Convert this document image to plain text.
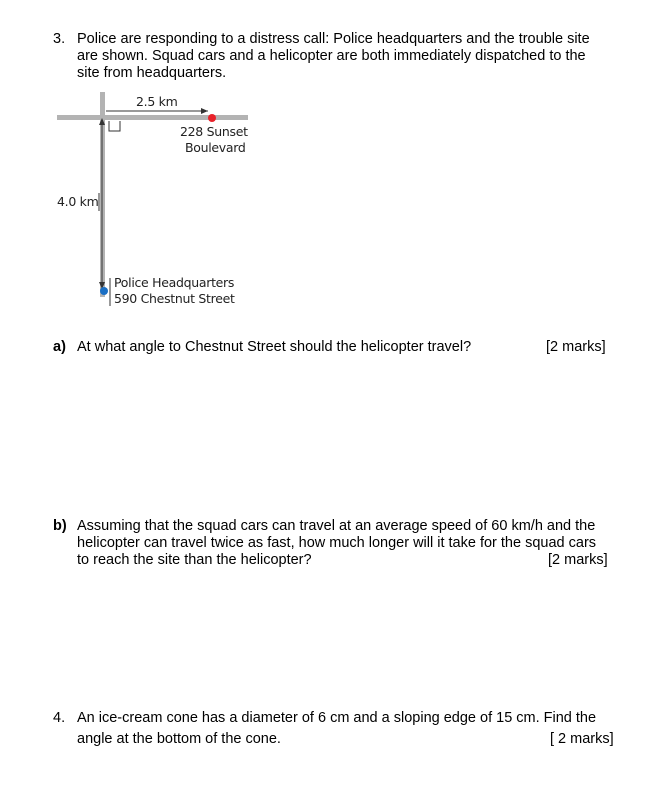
3. Police are responding to a distress call: Police headquarters and the trouble site
are shown. Squad cars and a helicopter are both immediately dispatched to the
site from headquarters.
2.5 km
4.0 km
228 Sunset
Boulevard
Police Headquarters
590 Chestnut Street
a) At what angle to Chestnut Street should the helicopter travel?	[2 marks]
b) Assuming that the squad cars can travel at an average speed of 60 km/h and the
helicopter can travel twice as fast, how much longer will it take for the squad cars
to reach the site than the helicopter?	[2 marks]
4. An ice-cream cone has a diameter of 6 cm and a sloping edge of 15 cm. Find the
angle at the bottom of the cone.	[ 2 marks]
